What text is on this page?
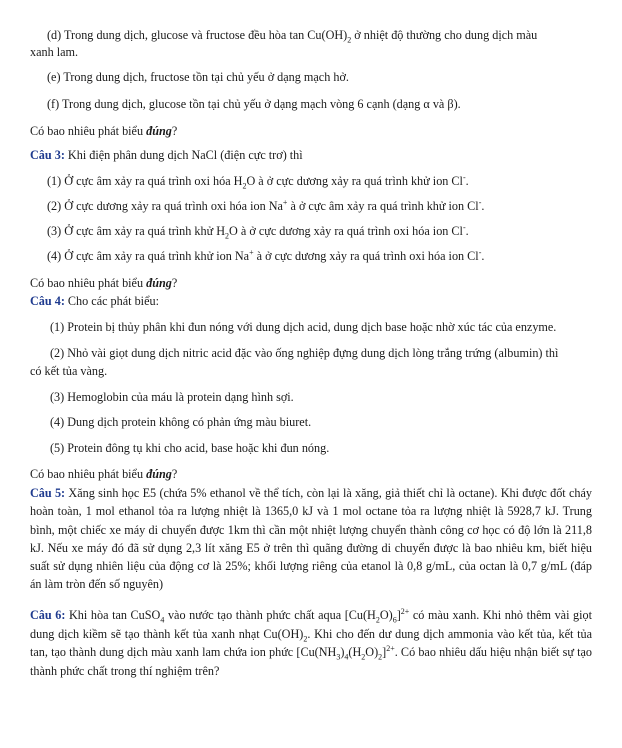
(d) Trong dung dịch, glucose và fructose đều hòa $\tan Cu(OH)_2$ ở nhiệt độ thường cho dung dịch màu
xanh lam.
(e) Trong dung dịch, fructose tồn tại chủ yếu ở dạng mạch hở.
(f) Trong dung dịch, glucose tồn tại chủ yếu ở dạng mạch vòng 6 cạnh (dạng α và β).
Có bao nhiêu phát biểu đúng?
Câu 3: Khi điện phân dung dịch NaCl (điện cực trơ) thì
(1) Ở cực âm xảy ra quá trình oxi hóa $H_2O$ à ở cực dương xảy ra quá trình khử ion Cl-.
(2) Ở cực dương xảy ra quá trình oxi hóa ion Na+ à ở cực âm xảy ra quá trình khử ion Cl-.
(3) Ở cực âm xảy ra quá trình khử $H_2O$ à ở cực dương xảy ra quá trình oxi hóa ion Cl-.
(4) Ở cực âm xảy ra quá trình khử ion Na+ à ở cực dương xảy ra quá trình oxi hóa ion Cl-.
Có bao nhiêu phát biểu đúng?
Câu 4: Cho các phát biểu:
(1) Protein bị thủy phân khi đun nóng với dung dịch acid, dung dịch base hoặc nhờ xúc tác của enzyme.
(2) Nhỏ vài giọt dung dịch nitric acid đặc vào ống nghiệp đựng dung dịch lòng trắng trứng (albumin) thì
có kết tủa vàng.
(3) Hemoglobin của máu là protein dạng hình sợi.
(4) Dung dịch protein không có phản ứng màu biuret.
(5) Protein đông tụ khi cho acid, base hoặc khi đun nóng.
Có bao nhiêu phát biểu đúng?
Câu 5: Xăng sinh học E5 (chứa 5% ethanol về thể tích, còn lại là xăng, giả thiết chỉ là octane). Khi được đốt cháy hoàn toàn, 1 mol ethanol tỏa ra lượng nhiệt là 1365,0 kJ và 1 mol octane tỏa ra lượng nhiệt là 5928,7 kJ. Trung bình, một chiếc xe máy di chuyển được 1km thì cần một nhiệt lượng chuyển thành công cơ học có độ lớn là 211,8 kJ. Nếu xe máy đó đã sử dụng 2,3 lít xăng E5 ở trên thì quãng đường di chuyển được là bao nhiêu km, biết hiệu suất sử dụng nhiên liệu của động cơ là 25%; khối lượng riêng của etanol là 0,8 g/mL, của octan là 0,7 g/mL (đáp án làm tròn đến số nguyên)
Câu 6: Khi hòa tan CuSO$_4$ vào nước tạo thành phức chất aqua $[Cu(H_2O)_6]^{2+}$ có màu xanh. Khi nhỏ thêm vài giọt dung dịch kiềm sẽ tạo thành kết tủa xanh nhạt $Cu(OH)_2$. Khi cho đến dư dung dịch ammonia vào kết tủa, kết tủa tan, tạo thành dung dịch màu xanh lam chứa ion phức $[Cu(NH_3)_4(H_2O)_2]^{2+}$. Có bao nhiêu dấu hiệu nhận biết sự tạo thành phức chất trong thí nghiệm trên?
